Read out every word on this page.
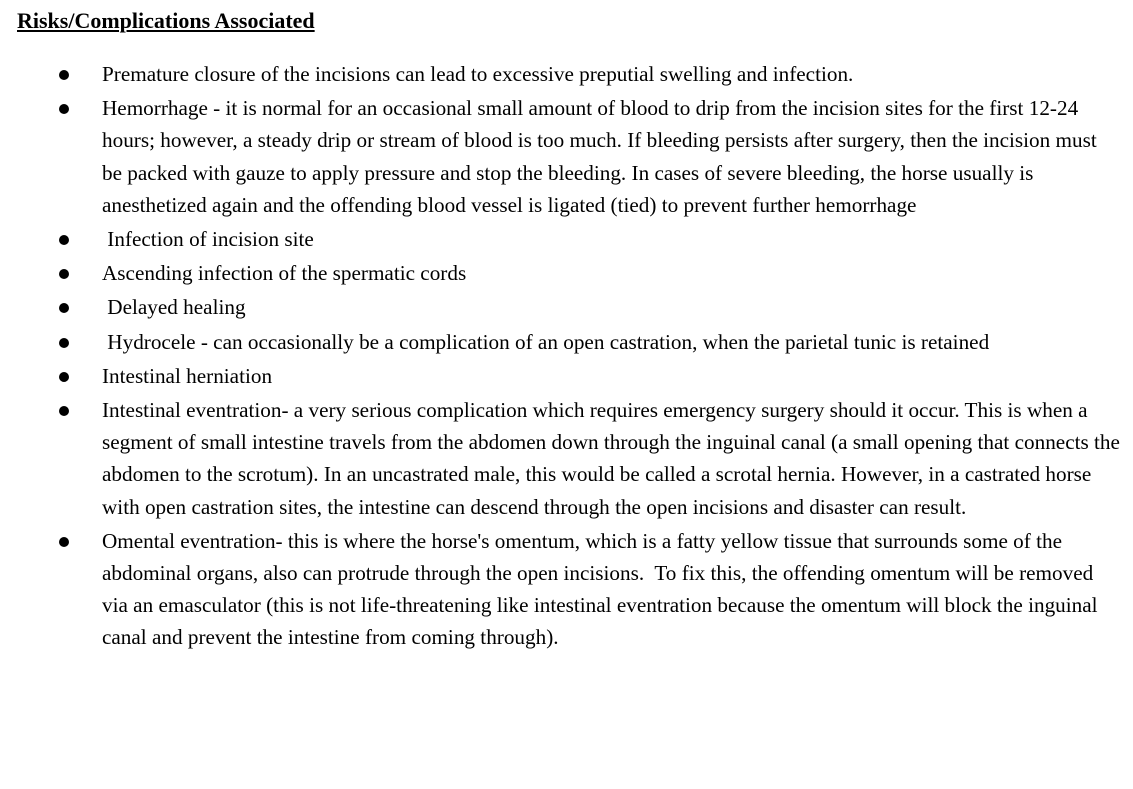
Risks/Complications Associated
Premature closure of the incisions can lead to excessive preputial swelling and infection.
Hemorrhage - it is normal for an occasional small amount of blood to drip from the incision sites for the first 12-24 hours; however, a steady drip or stream of blood is too much. If bleeding persists after surgery, then the incision must be packed with gauze to apply pressure and stop the bleeding. In cases of severe bleeding, the horse usually is anesthetized again and the offending blood vessel is ligated (tied) to prevent further hemorrhage
Infection of incision site
Ascending infection of the spermatic cords
Delayed healing
Hydrocele - can occasionally be a complication of an open castration, when the parietal tunic is retained
Intestinal herniation
Intestinal eventration- a very serious complication which requires emergency surgery should it occur. This is when a segment of small intestine travels from the abdomen down through the inguinal canal (a small opening that connects the abdomen to the scrotum). In an uncastrated male, this would be called a scrotal hernia. However, in a castrated horse with open castration sites, the intestine can descend through the open incisions and disaster can result.
Omental eventration- this is where the horse's omentum, which is a fatty yellow tissue that surrounds some of the abdominal organs, also can protrude through the open incisions.  To fix this, the offending omentum will be removed via an emasculator (this is not life-threatening like intestinal eventration because the omentum will block the inguinal canal and prevent the intestine from coming through).
